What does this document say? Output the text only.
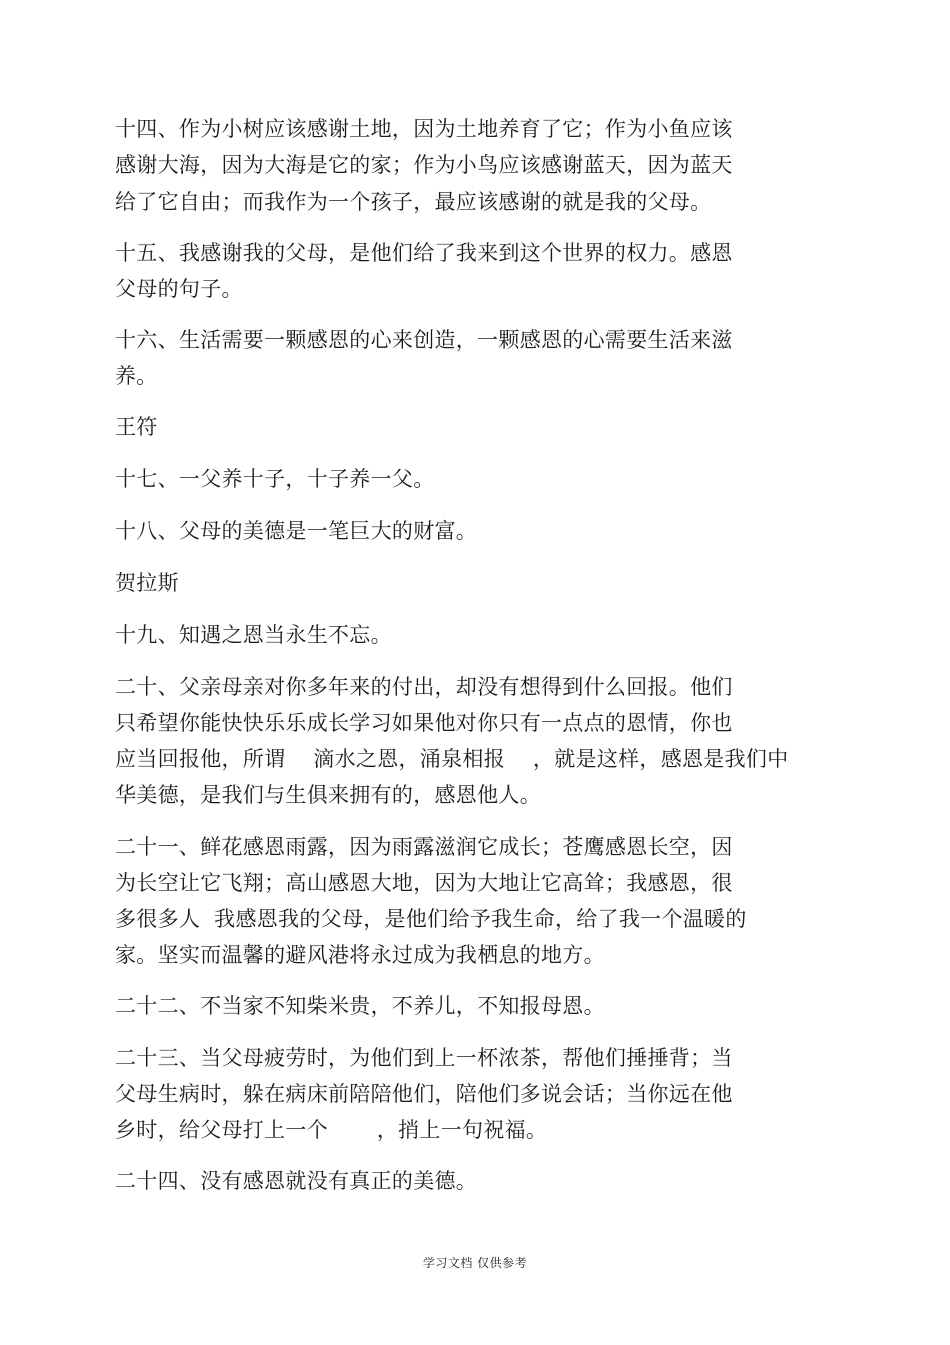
十四、作为小树应该感谢土地，因为土地养育了它；作为小鱼应该
感谢大海，因为大海是它的家；作为小鸟应该感谢蓝天，因为蓝天
给了它自由；而我作为一个孩子，最应该感谢的就是我的父母。
十五、我感谢我的父母，是他们给了我来到这个世界的权力。感恩
父母的句子。
十六、生活需要一颗感恩的心来创造，一颗感恩的心需要生活来滋
养。
王符
十七、一父养十子，十子养一父。
十八、父母的美德是一笔巨大的财富。
贺拉斯
十九、知遇之恩当永生不忘。
二十、父亲母亲对你多年来的付出，却没有想得到什么回报。他们
只希望你能快快乐乐成长学习如果他对你只有一点点的恩情，你也
应当回报他，所谓    滴水之恩，涌泉相报    ，就是这样，感恩是我们中
华美德，是我们与生俱来拥有的，感恩他人。
二十一、鲜花感恩雨露，因为雨露滋润它成长；苍鹰感恩长空，因
为长空让它飞翔；高山感恩大地，因为大地让它高耸；我感恩，很
多很多人  我感恩我的父母，是他们给予我生命，给了我一个温暖的
家。坚实而温馨的避风港将永过成为我栖息的地方。
二十二、不当家不知柴米贵，不养儿，不知报母恩。
二十三、当父母疲劳时，为他们到上一杯浓茶，帮他们捶捶背；当
父母生病时，躲在病床前陪陪他们，陪他们多说会话；当你远在他
乡时，给父母打上一个       ，捎上一句祝福。
二十四、没有感恩就没有真正的美德。
学习文档 仅供参考
